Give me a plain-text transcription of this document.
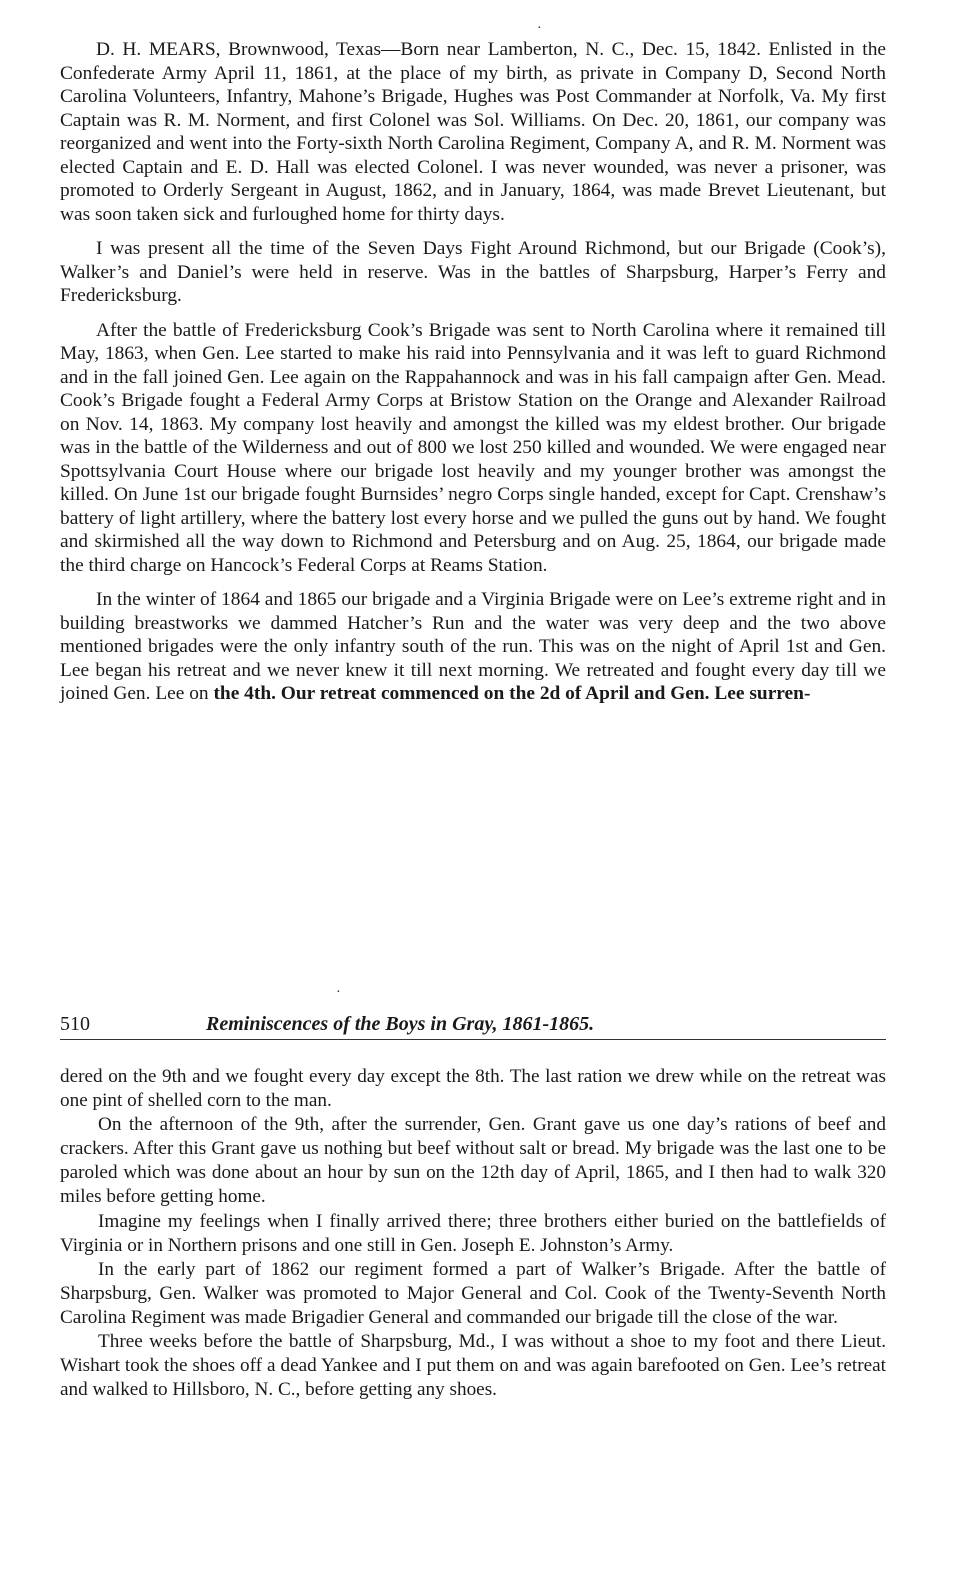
·

D. H. MEARS, Brownwood, Texas—Born near Lamberton, N. C., Dec. 15, 1842. Enlisted in the Confederate Army April 11, 1861, at the place of my birth, as private in Company D, Second North Carolina Volunteers, Infantry, Mahone’s Brigade, Hughes was Post Commander at Norfolk, Va. My first Captain was R. M. Norment, and first Colonel was Sol. Williams. On Dec. 20, 1861, our company was reorganized and went into the Forty-sixth North Carolina Regiment, Company A, and R. M. Norment was elected Captain and E. D. Hall was elected Colonel. I was never wounded, was never a prisoner, was promoted to Orderly Sergeant in August, 1862, and in January, 1864, was made Brevet Lieutenant, but was soon taken sick and furloughed home for thirty days.

I was present all the time of the Seven Days Fight Around Richmond, but our Brigade (Cook’s), Walker’s and Daniel’s were held in reserve. Was in the battles of Sharpsburg, Harper’s Ferry and Fredericksburg.

After the battle of Fredericksburg Cook’s Brigade was sent to North Carolina where it remained till May, 1863, when Gen. Lee started to make his raid into Pennsylvania and it was left to guard Richmond and in the fall joined Gen. Lee again on the Rappahannock and was in his fall campaign after Gen. Mead. Cook’s Brigade fought a Federal Army Corps at Bristow Station on the Orange and Alexander Railroad on Nov. 14, 1863. My company lost heavily and amongst the killed was my eldest brother. Our brigade was in the battle of the Wilderness and out of 800 we lost 250 killed and wounded. We were engaged near Spottsylvania Court House where our brigade lost heavily and my younger brother was amongst the killed. On June 1st our brigade fought Burnsides’ negro Corps single handed, except for Capt. Crenshaw’s battery of light artillery, where the battery lost every horse and we pulled the guns out by hand. We fought and skirmished all the way down to Richmond and Petersburg and on Aug. 25, 1864, our brigade made the third charge on Hancock’s Federal Corps at Reams Station.

In the winter of 1864 and 1865 our brigade and a Virginia Brigade were on Lee’s extreme right and in building breastworks we dammed Hatcher’s Run and the water was very deep and the two above mentioned brigades were the only infantry south of the run. This was on the night of April 1st and Gen. Lee began his retreat and we never knew it till next morning. We retreated and fought every day till we joined Gen. Lee on the 4th. Our retreat commenced on the 2d of April and Gen. Lee surren-

·
510	Reminiscences of the Boys in Gray, 1861-1865.

dered on the 9th and we fought every day except the 8th. The last ration we drew while on the retreat was one pint of shelled corn to the man.

On the afternoon of the 9th, after the surrender, Gen. Grant gave us one day’s rations of beef and crackers. After this Grant gave us nothing but beef without salt or bread. My brigade was the last one to be paroled which was done about an hour by sun on the 12th day of April, 1865, and I then had to walk 320 miles before getting home.

Imagine my feelings when I finally arrived there; three brothers either buried on the battlefields of Virginia or in Northern prisons and one still in Gen. Joseph E. Johnston’s Army.

In the early part of 1862 our regiment formed a part of Walker’s Brigade. After the battle of Sharpsburg, Gen. Walker was promoted to Major General and Col. Cook of the Twenty-Seventh North Carolina Regiment was made Brigadier General and commanded our brigade till the close of the war.

Three weeks before the battle of Sharpsburg, Md., I was without a shoe to my foot and there Lieut. Wishart took the shoes off a dead Yankee and I put them on and was again barefooted on Gen. Lee’s retreat and walked to Hillsboro, N. C., before getting any shoes.
